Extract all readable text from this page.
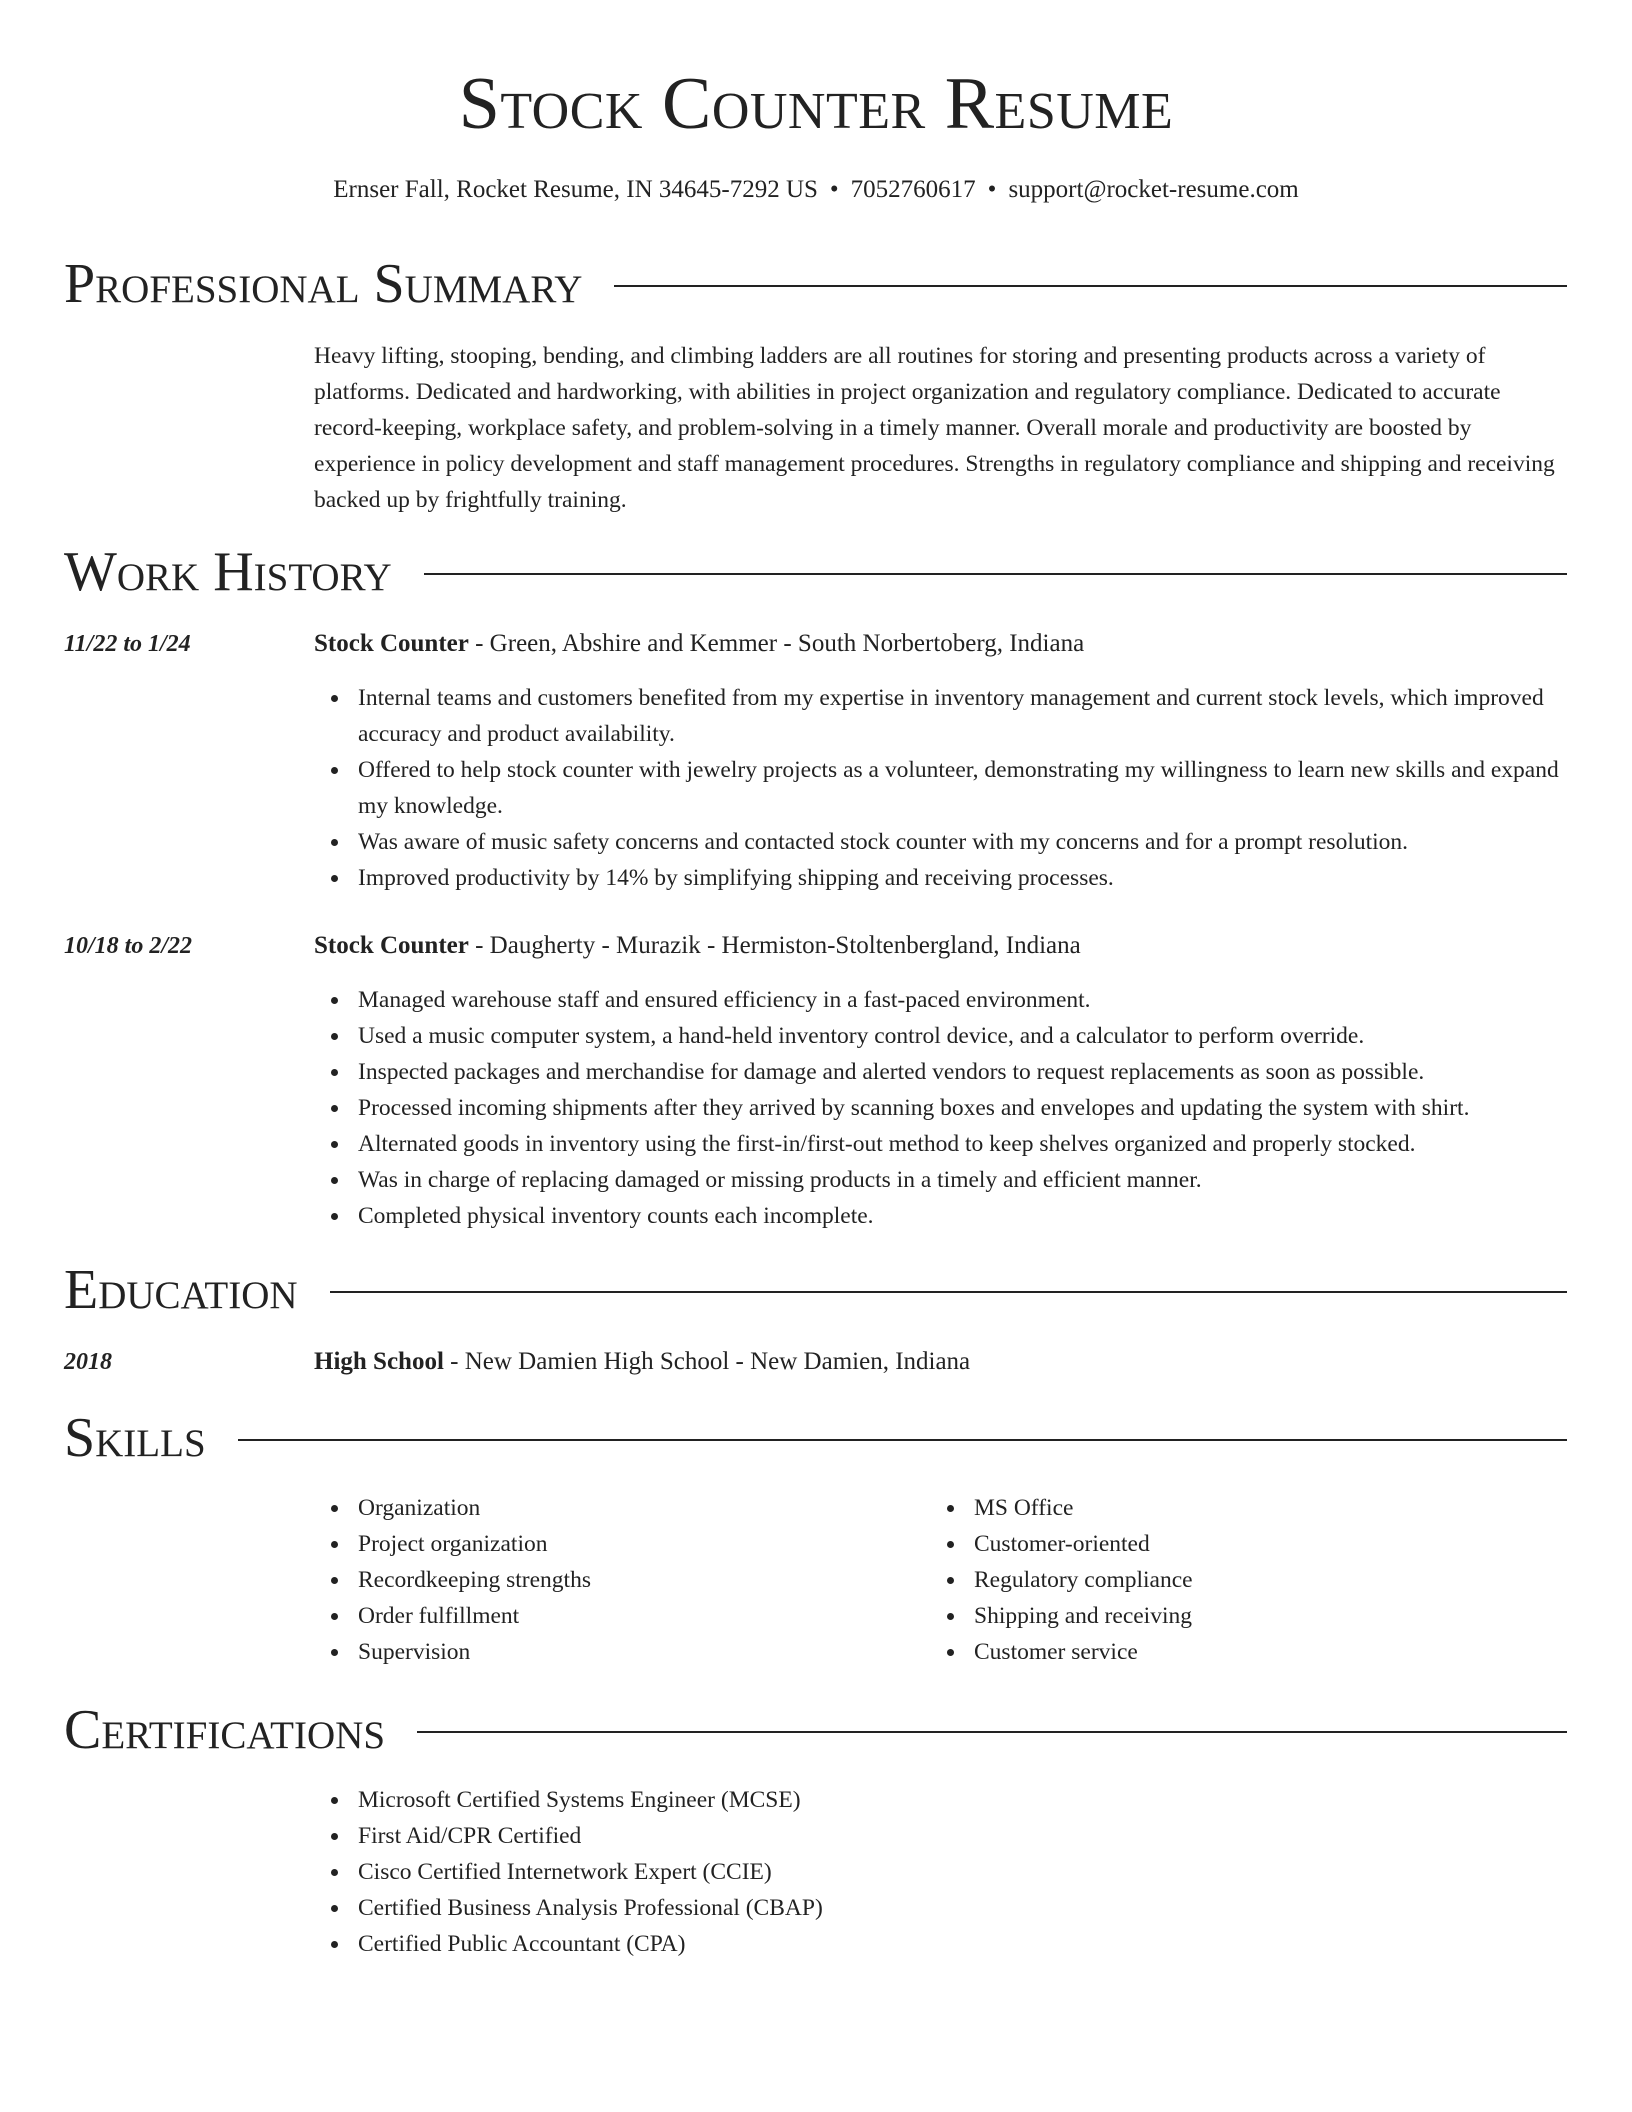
Stock Counter Resume
Ernser Fall, Rocket Resume, IN 34645-7292 US • 7052760617 • support@rocket-resume.com
Professional Summary

Heavy lifting, stooping, bending, and climbing ladders are all routines for storing and presenting products across a variety of platforms. Dedicated and hardworking, with abilities in project organization and regulatory compliance. Dedicated to accurate record-keeping, workplace safety, and problem-solving in a timely manner. Overall morale and productivity are boosted by experience in policy development and staff management procedures. Strengths in regulatory compliance and shipping and receiving backed up by frightfully training.

Work History
11/22 to 1/24	Stock Counter - Green, Abshire and Kemmer - South Norbertoberg, Indiana
Internal teams and customers benefited from my expertise in inventory management and current stock levels, which improved accuracy and product availability.
Offered to help stock counter with jewelry projects as a volunteer, demonstrating my willingness to learn new skills and expand my knowledge.
Was aware of music safety concerns and contacted stock counter with my concerns and for a prompt resolution.
Improved productivity by 14% by simplifying shipping and receiving processes.
10/18 to 2/22	Stock Counter - Daugherty - Murazik - Hermiston-Stoltenbergland, Indiana
Managed warehouse staff and ensured efficiency in a fast-paced environment.
Used a music computer system, a hand-held inventory control device, and a calculator to perform override.
Inspected packages and merchandise for damage and alerted vendors to request replacements as soon as possible.
Processed incoming shipments after they arrived by scanning boxes and envelopes and updating the system with shirt.
Alternated goods in inventory using the first-in/first-out method to keep shelves organized and properly stocked.
Was in charge of replacing damaged or missing products in a timely and efficient manner.
Completed physical inventory counts each incomplete.
Education
2018	High School - New Damien High School - New Damien, Indiana
Skills
Organization
Project organization
Recordkeeping strengths
Order fulfillment
Supervision
MS Office
Customer-oriented
Regulatory compliance
Shipping and receiving
Customer service
Certifications
Microsoft Certified Systems Engineer (MCSE)
First Aid/CPR Certified
Cisco Certified Internetwork Expert (CCIE)
Certified Business Analysis Professional (CBAP)
Certified Public Accountant (CPA)
